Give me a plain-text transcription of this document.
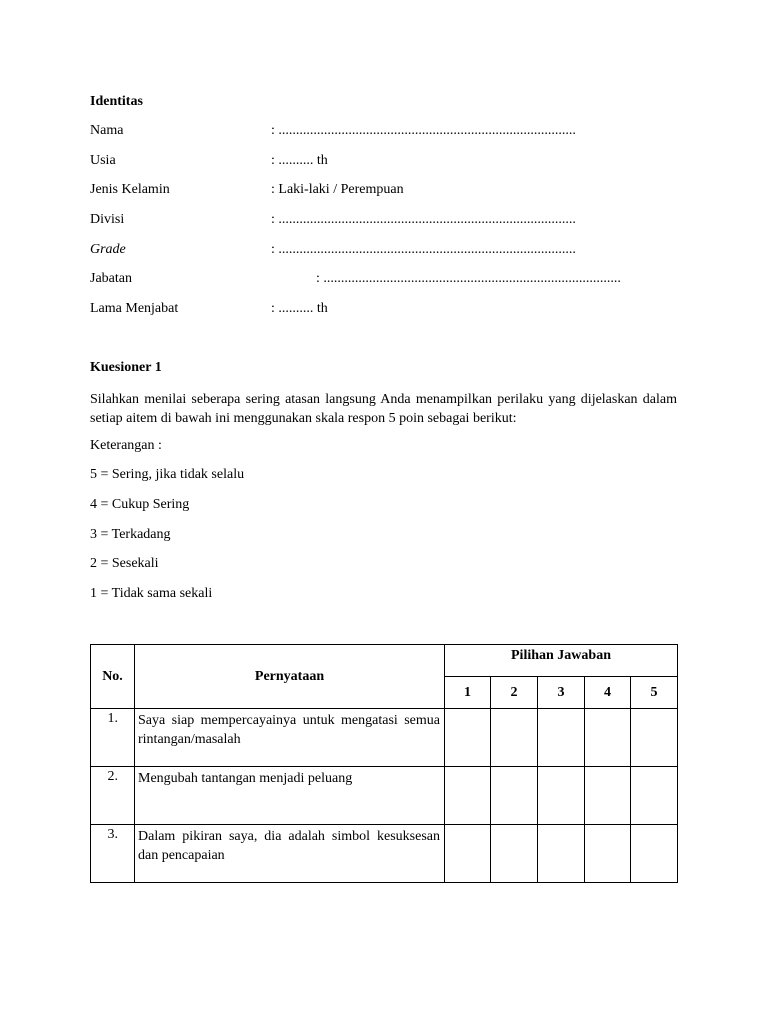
Identitas
Nama	: .....................................................................................
Usia	: .......... th
Jenis Kelamin	: Laki-laki / Perempuan
Divisi	: .....................................................................................
Grade	: .....................................................................................
Jabatan	: .....................................................................................
Lama Menjabat	: .......... th
Kuesioner 1
Silahkan menilai seberapa sering atasan langsung Anda menampilkan perilaku yang dijelaskan dalam setiap aitem di bawah ini menggunakan skala respon 5 poin sebagai berikut:
Keterangan :
5 = Sering, jika tidak selalu
4 = Cukup Sering
3 = Terkadang
2 = Sesekali
1 = Tidak sama sekali
No.	Pernyataan	Pilihan Jawaban				
		1	2	3	4	5
1.	Saya siap mempercayainya untuk mengatasi semua rintangan/masalah					
2.	Mengubah tantangan menjadi peluang					
3.	Dalam pikiran saya, dia adalah simbol kesuksesan dan pencapaian					
